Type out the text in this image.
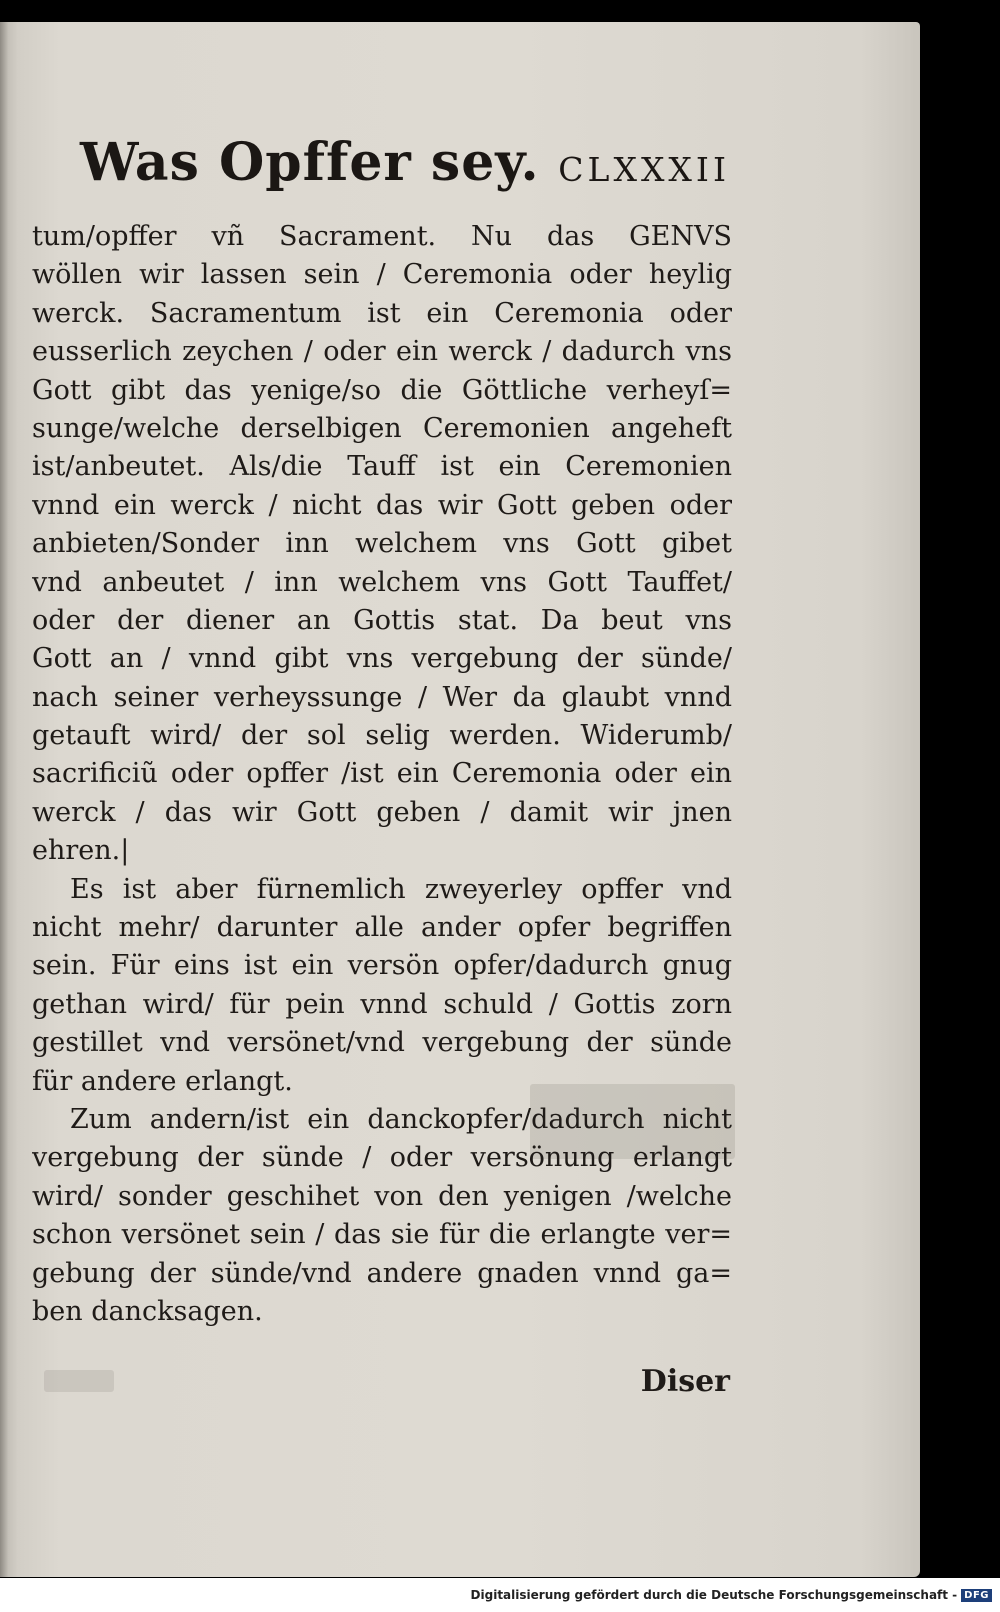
Was Opffer sey. CLXXXII
tum/opffer vñ Sacrament. Nu das GENVS
wöllen wir lassen sein / Ceremonia oder heylig
werck. Sacramentum ist ein Ceremonia oder
eusserlich zeychen / oder ein werck / dadurch vns
Gott gibt das yenige/so die Göttliche verheyſ=
sunge/welche derselbigen Ceremonien angeheft
ist/anbeutet. Als/die Tauff ist ein Ceremonien
vnnd ein werck / nicht das wir Gott geben oder
anbieten/Sonder inn welchem vns Gott gibet
vnd anbeutet / inn welchem vns Gott Tauffet/
oder der diener an Gottis stat. Da beut vns
Gott an / vnnd gibt vns vergebung der sünde/
nach seiner verheyssunge / Wer da glaubt vnnd
getauft wird/ der sol selig werden. Widerumb/
sacrificiũ oder opffer /ist ein Ceremonia oder ein
werck / das wir Gott geben / damit wir jnen
ehren.|
Es ist aber fürnemlich zweyerley opffer vnd
nicht mehr/ darunter alle ander opfer begriffen
sein. Für eins ist ein versön opfer/dadurch gnug
gethan wird/ für pein vnnd schuld / Gottis zorn
gestillet vnd versönet/vnd vergebung der sünde
für andere erlangt.
Zum andern/ist ein danckopfer/dadurch nicht
vergebung der sünde / oder versönung erlangt
wird/ sonder geschihet von den yenigen /welche
schon versönet sein / das sie für die erlangte ver=
gebung der sünde/vnd andere gnaden vnnd ga=
ben dancksagen.
Diser
Digitalisierung gefördert durch die Deutsche Forschungsgemeinschaft - DFG
